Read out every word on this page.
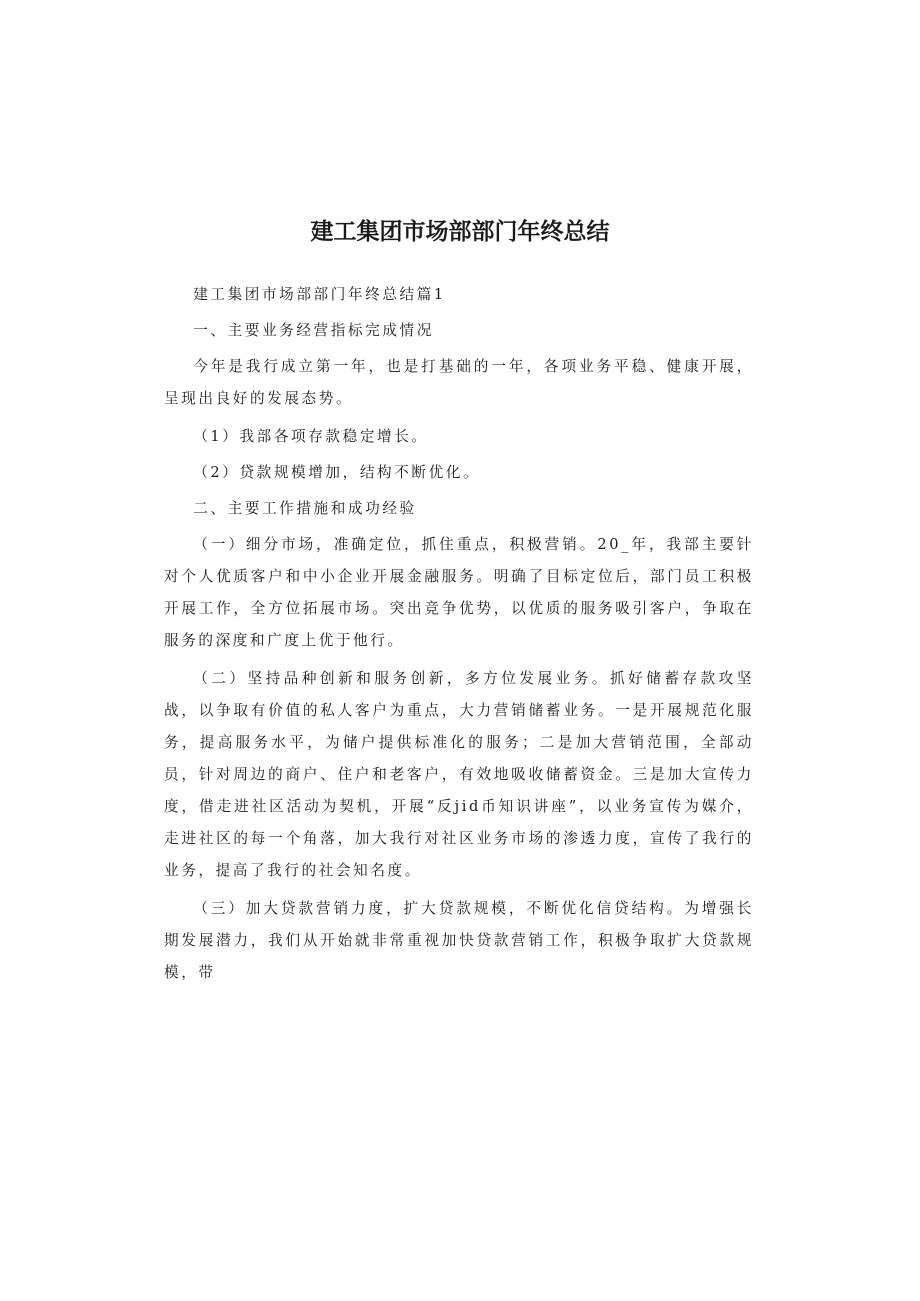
建工集团市场部部门年终总结

建工集团市场部部门年终总结篇1

一、主要业务经营指标完成情况

今年是我行成立第一年，也是打基础的一年，各项业务平稳、健康开展，呈现出良好的发展态势。

（1）我部各项存款稳定增长。

（2）贷款规模增加，结构不断优化。

二、主要工作措施和成功经验

（一）细分市场，准确定位，抓住重点，积极营销。20_年，我部主要针对个人优质客户和中小企业开展金融服务。明确了目标定位后，部门员工积极开展工作，全方位拓展市场。突出竞争优势，以优质的服务吸引客户，争取在服务的深度和广度上优于他行。

（二）坚持品种创新和服务创新，多方位发展业务。抓好储蓄存款攻坚战，以争取有价值的私人客户为重点，大力营销储蓄业务。一是开展规范化服务，提高服务水平，为储户提供标准化的服务；二是加大营销范围，全部动员，针对周边的商户、住户和老客户，有效地吸收储蓄资金。三是加大宣传力度，借走进社区活动为契机，开展“反jid币知识讲座”，以业务宣传为媒介，走进社区的每一个角落，加大我行对社区业务市场的渗透力度，宣传了我行的业务，提高了我行的社会知名度。

（三）加大贷款营销力度，扩大贷款规模，不断优化信贷结构。为增强长期发展潜力，我们从开始就非常重视加快贷款营销工作，积极争取扩大贷款规模，带
